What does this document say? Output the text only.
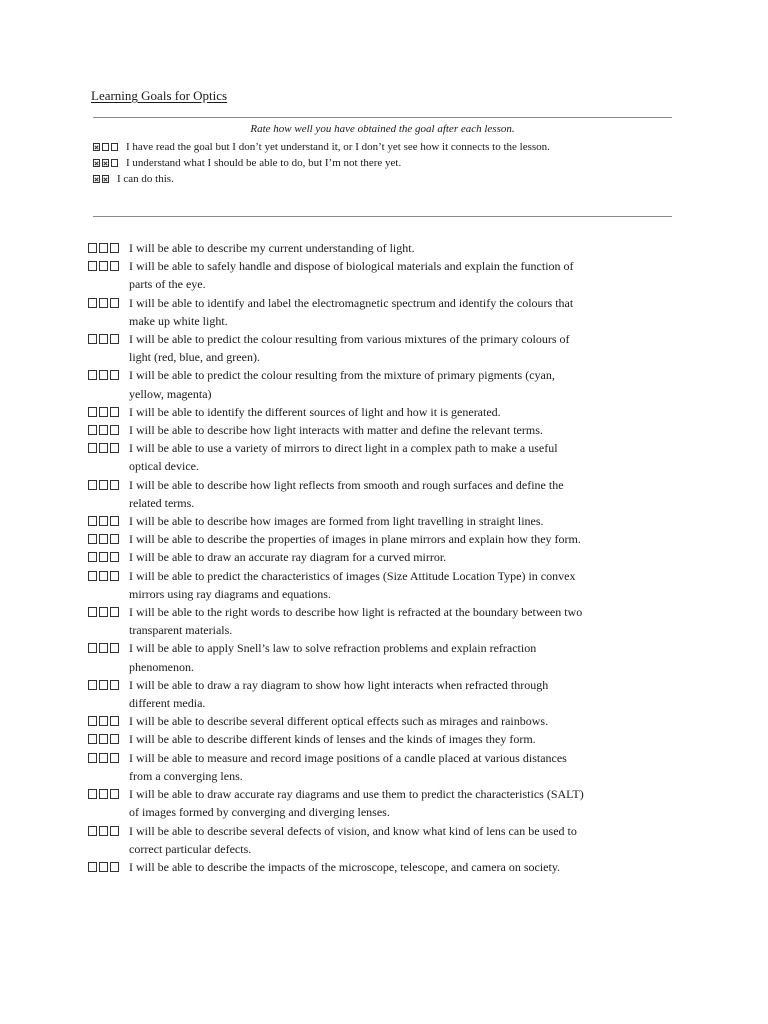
Learning Goals for Optics
Rate how well you have obtained the goal after each lesson.
I have read the goal but I don’t yet understand it, or I don’t yet see how it connects to the lesson.
I understand what I should be able to do, but I’m not there yet.
I can do this.
I will be able to describe my current understanding of light.
I will be able to safely handle and dispose of biological materials and explain the function of
parts of the eye.
I will be able to identify and label the electromagnetic spectrum and identify the colours that
make up white light.
I will be able to predict the colour resulting from various mixtures of the primary colours of
light (red, blue, and green).
I will be able to predict the colour resulting from the mixture of primary pigments (cyan,
yellow, magenta)
I will be able to identify the different sources of light and how it is generated.
I will be able to describe how light interacts with matter and define the relevant terms.
I will be able to use a variety of mirrors to direct light in a complex path to make a useful
optical device.
I will be able to describe how light reflects from smooth and rough surfaces and define the
related terms.
I will be able to describe how images are formed from light travelling in straight lines.
I will be able to describe the properties of images in plane mirrors and explain how they form.
I will be able to draw an accurate ray diagram for a curved mirror.
I will be able to predict the characteristics of images (Size Attitude Location Type) in convex
mirrors using ray diagrams and equations.
I will be able to the right words to describe how light is refracted at the boundary between two
transparent materials.
I will be able to apply Snell’s law to solve refraction problems and explain refraction
phenomenon.
I will be able to draw a ray diagram to show how light interacts when refracted through
different media.
I will be able to describe several different optical effects such as mirages and rainbows.
I will be able to describe different kinds of lenses and the kinds of images they form.
I will be able to measure and record image positions of a candle placed at various distances
from a converging lens.
I will be able to draw accurate ray diagrams and use them to predict the characteristics (SALT)
of images formed by converging and diverging lenses.
I will be able to describe several defects of vision, and know what kind of lens can be used to
correct particular defects.
I will be able to describe the impacts of the microscope, telescope, and camera on society.
